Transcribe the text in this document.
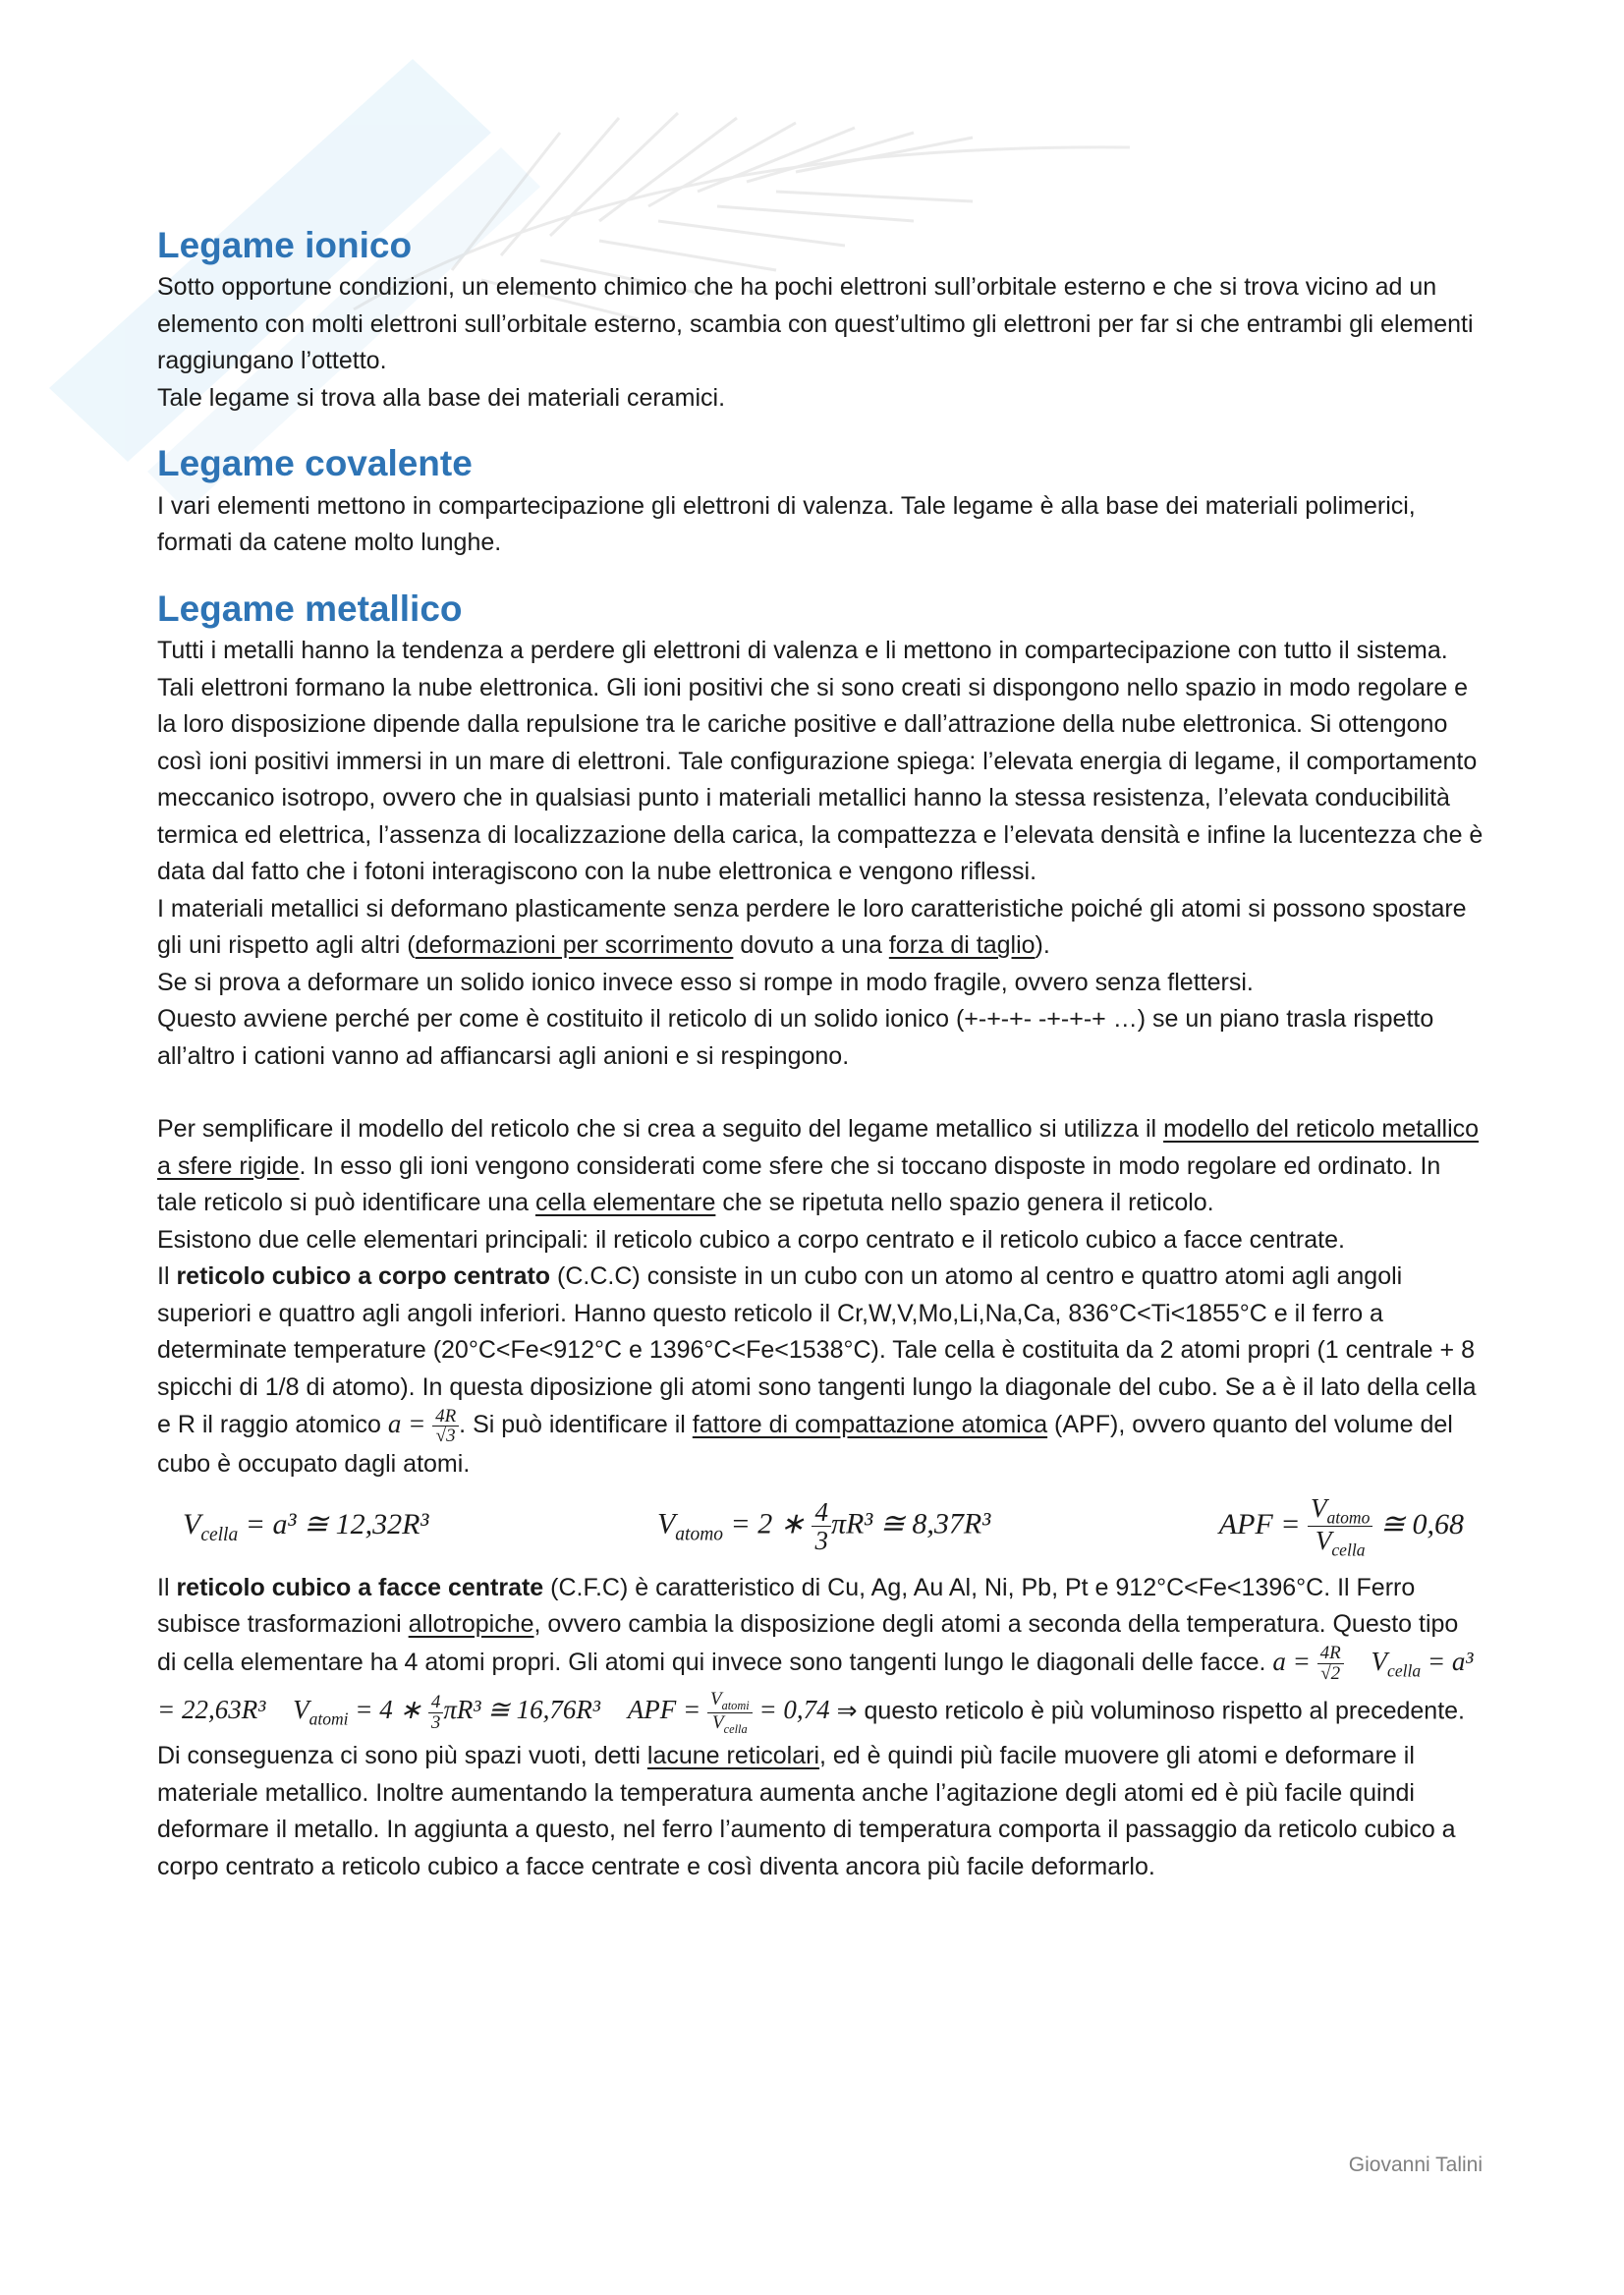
Legame ionico

Sotto opportune condizioni, un elemento chimico che ha pochi elettroni sull’orbitale esterno e che si trova vicino ad un elemento con molti elettroni sull’orbitale esterno, scambia con quest’ultimo gli elettroni per far si che entrambi gli elementi raggiungano l’ottetto.

Tale legame si trova alla base dei materiali ceramici.

Legame covalente

I vari elementi mettono in compartecipazione gli elettroni di valenza. Tale legame è alla base dei materiali polimerici, formati da catene molto lunghe.

Legame metallico

Tutti i metalli hanno la tendenza a perdere gli elettroni di valenza e li mettono in compartecipazione con tutto il sistema. Tali elettroni formano la nube elettronica. Gli ioni positivi che si sono creati si dispongono nello spazio in modo regolare e la loro disposizione dipende dalla repulsione tra le cariche positive e dall’attrazione della nube elettronica. Si ottengono così ioni positivi immersi in un mare di elettroni. Tale configurazione spiega: l’elevata energia di legame, il comportamento meccanico isotropo, ovvero che in qualsiasi punto i materiali metallici hanno la stessa resistenza, l’elevata conducibilità termica ed elettrica, l’assenza di localizzazione della carica, la compattezza e l’elevata densità e infine la lucentezza che è data dal fatto che i fotoni interagiscono con la nube elettronica e vengono riflessi.

I materiali metallici si deformano plasticamente senza perdere le loro caratteristiche poiché gli atomi si possono spostare gli uni rispetto agli altri (deformazioni per scorrimento dovuto a una forza di taglio).

Se si prova a deformare un solido ionico invece esso si rompe in modo fragile, ovvero senza flettersi.

Questo avviene perché per come è costituito il reticolo di un solido ionico (+-+-+- -+-+-+ …) se un piano trasla rispetto all’altro i cationi vanno ad affiancarsi agli anioni e si respingono.

Per semplificare il modello del reticolo che si crea a seguito del legame metallico si utilizza il modello del reticolo metallico a sfere rigide. In esso gli ioni vengono considerati come sfere che si toccano disposte in modo regolare ed ordinato. In tale reticolo si può identificare una cella elementare che se ripetuta nello spazio genera il reticolo.

Esistono due celle elementari principali: il reticolo cubico a corpo centrato e il reticolo cubico a facce centrate.

Il reticolo cubico a corpo centrato (C.C.C) consiste in un cubo con un atomo al centro e quattro atomi agli angoli superiori e quattro agli angoli inferiori. Hanno questo reticolo il Cr,W,V,Mo,Li,Na,Ca, 836°C<Ti<1855°C e il ferro a determinate temperature (20°C<Fe<912°C e 1396°C<Fe<1538°C). Tale cella è costituita da 2 atomi propri (1 centrale + 8 spicchi di 1/8 di atomo). In questa diposizione gli atomi sono tangenti lungo la diagonale del cubo. Se a è il lato della cella e R il raggio atomico $a = \frac{4R}{√3}$ . Si può identificare il fattore di compattazione atomica (APF), ovvero quanto del volume del cubo è occupato dagli atomi.

$V_{cella} = a^3$ ≅ 12,32R³	$V_{atomo} = 2$ ∗ $\frac{4}{3} \pi R^3$ ≅ 8,37R³	APF = $\frac{V_{atomo}}{V_{cella}}$ ≅ 0,68

Il reticolo cubico a facce centrate (C.F.C) è caratteristico di Cu, Ag, Au Al, Ni, Pb, Pt e 912°C<Fe<1396°C. Il Ferro subisce trasformazioni allotropiche, ovvero cambia la disposizione degli atomi a seconda della temperatura. Questo tipo di cella elementare ha 4 atomi propri. Gli atomi qui invece sono tangenti lungo le diagonali delle facce. $a = \frac{4R}{√2} V_{cella} = a^3 = 22,63R^3$ $V_{atomi} = 4$ ∗ $\frac{4}{3} \pi R^3$ ≅ 16,76R³ APF = $\frac{V_{atomi}}{V_{cella}} = 0,74$ ⇒ questo reticolo è più voluminoso rispetto al precedente. Di conseguenza ci sono più spazi vuoti, detti lacune reticolari, ed è quindi più facile muovere gli atomi e deformare il materiale metallico. Inoltre aumentando la temperatura aumenta anche l’agitazione degli atomi ed è più facile quindi deformare il metallo. In aggiunta a questo, nel ferro l’aumento di temperatura comporta il passaggio da reticolo cubico a corpo centrato a reticolo cubico a facce centrate e così diventa ancora più facile deformarlo.

Giovanni Talini
